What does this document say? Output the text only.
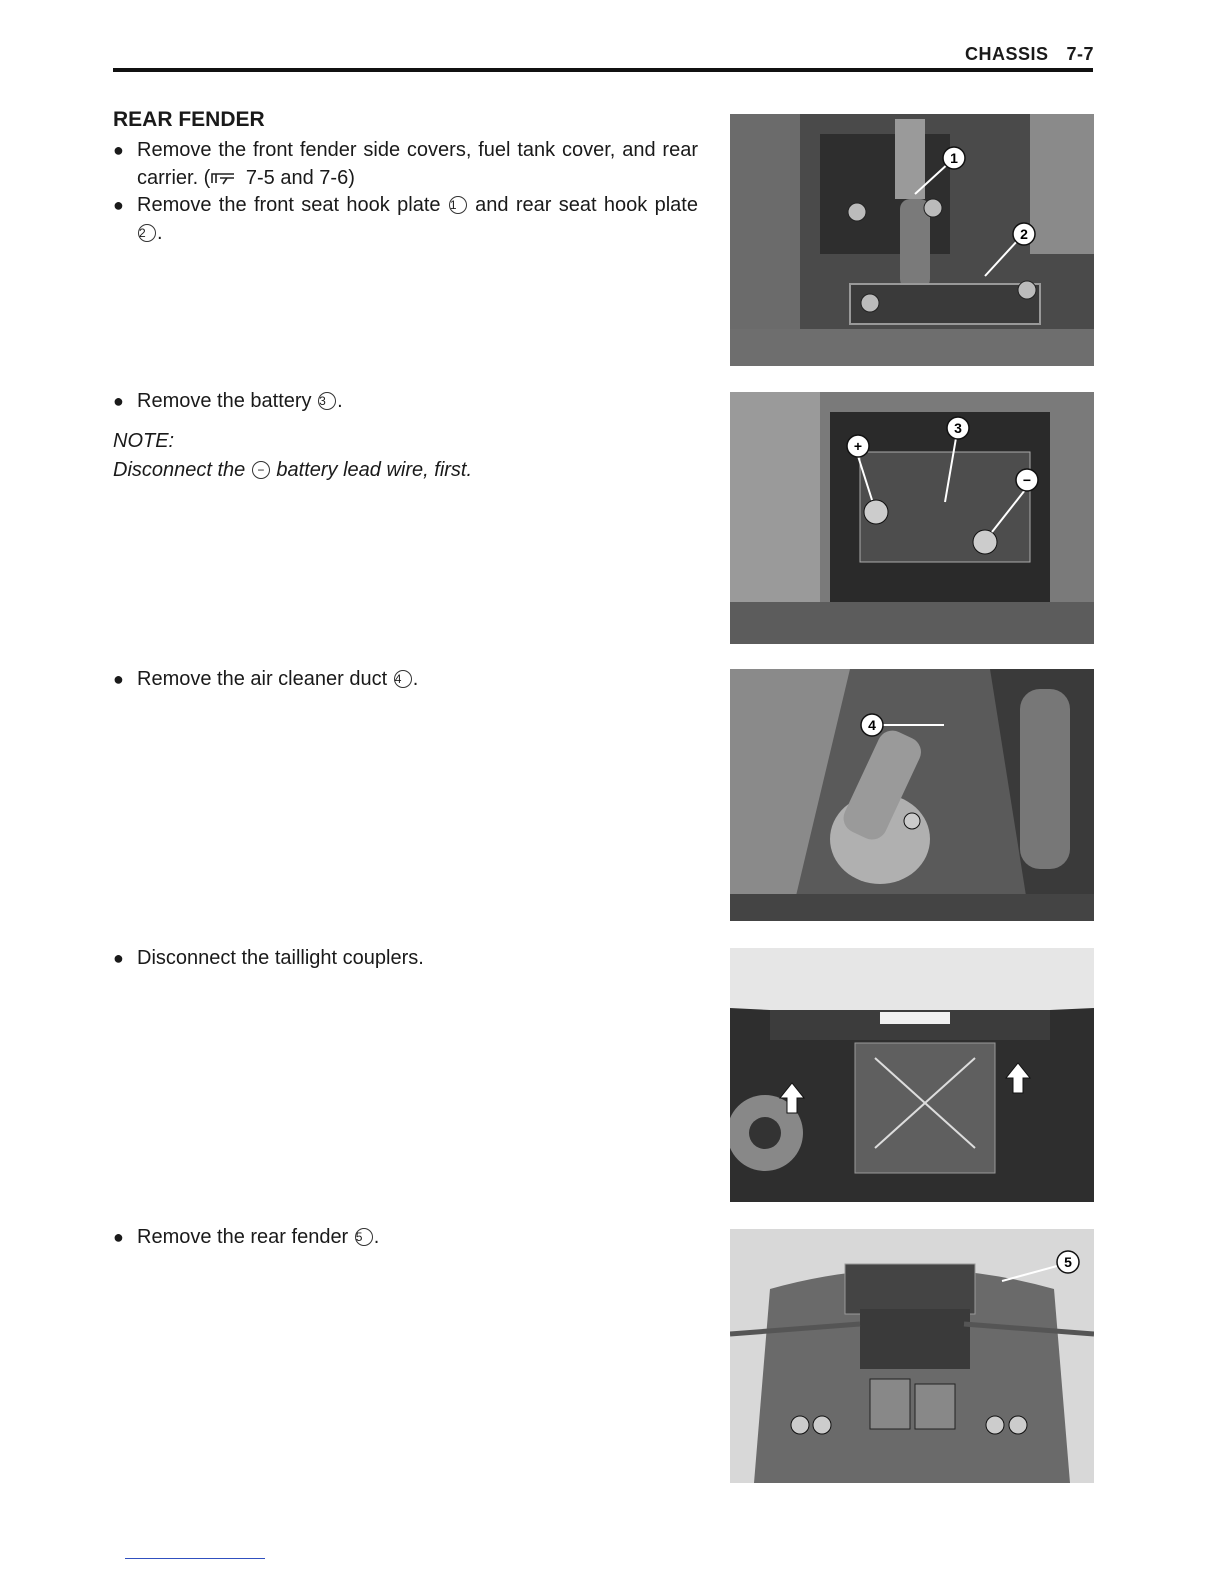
CHASSIS 7-7
REAR FENDER
● Remove the front fender side covers, fuel tank cover, and rear carrier. ( 7-5 and 7-6)
● Remove the front seat hook plate 1 and rear seat hook plate 2 .
● Remove the battery 3 .
NOTE:
Disconnect the − battery lead wire, first.
● Remove the air cleaner duct 4 .
● Disconnect the taillight couplers.
● Remove the rear fender 5 .
1
2
3
+
−
4
5
